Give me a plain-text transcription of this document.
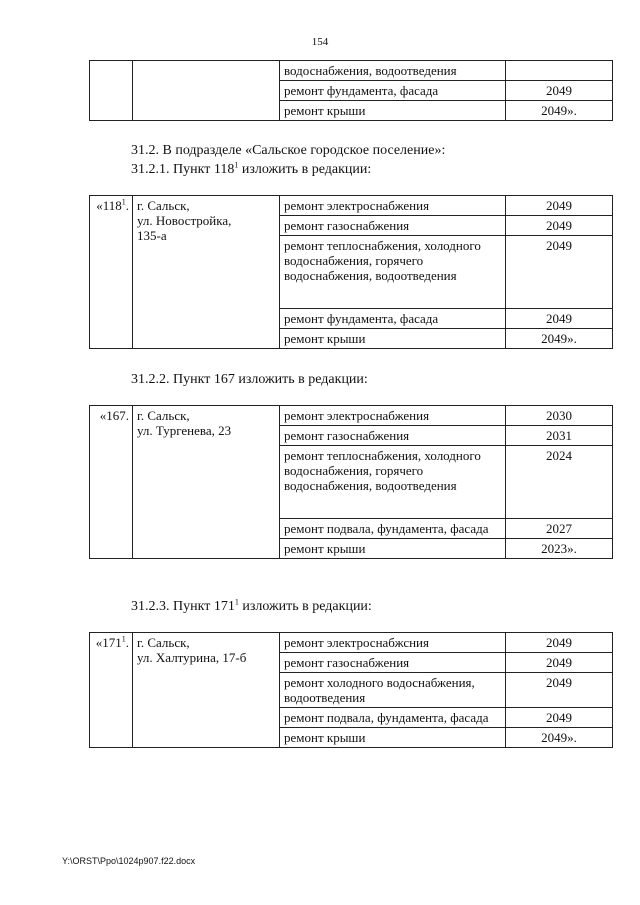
154
		водоснабжения, водоотведения	
		ремонт фундамента, фасада	2049
		ремонт крыши	2049».
31.2. В подразделе «Сальское городское поселение»:
31.2.1. Пункт $118^1$ изложить в редакции:
«$118^1$.	г. Сальск,
ул. Новостройка,
135-а	ремонт электроснабжения	2049
		ремонт газоснабжения	2049
		ремонт теплоснабжения, холодного водоснабжения, горячего водоснабжения, водоотведения	2049
		ремонт фундамента, фасада	2049
		ремонт крыши	2049».
31.2.2. Пункт 167 изложить в редакции:
«167.	г. Сальск,
ул. Тургенева, 23	ремонт электроснабжения	2030
		ремонт газоснабжения	2031
		ремонт теплоснабжения, холодного водоснабжения, горячего водоснабжения, водоотведения	2024
		ремонт подвала, фундамента, фасада	2027
		ремонт крыши	2023».
31.2.3. Пункт $171^1$ изложить в редакции:
«$171^1$.	г. Сальск,
ул. Халтурина, 17-б	ремонт электроснабжсния	2049
		ремонт газоснабжения	2049
		ремонт холодного водоснабжения, водоотведения	2049
		ремонт подвала, фундамента, фасада	2049
		ремонт крыши	2049».
Y:\ORST\Ppo\1024p907.f22.docx
